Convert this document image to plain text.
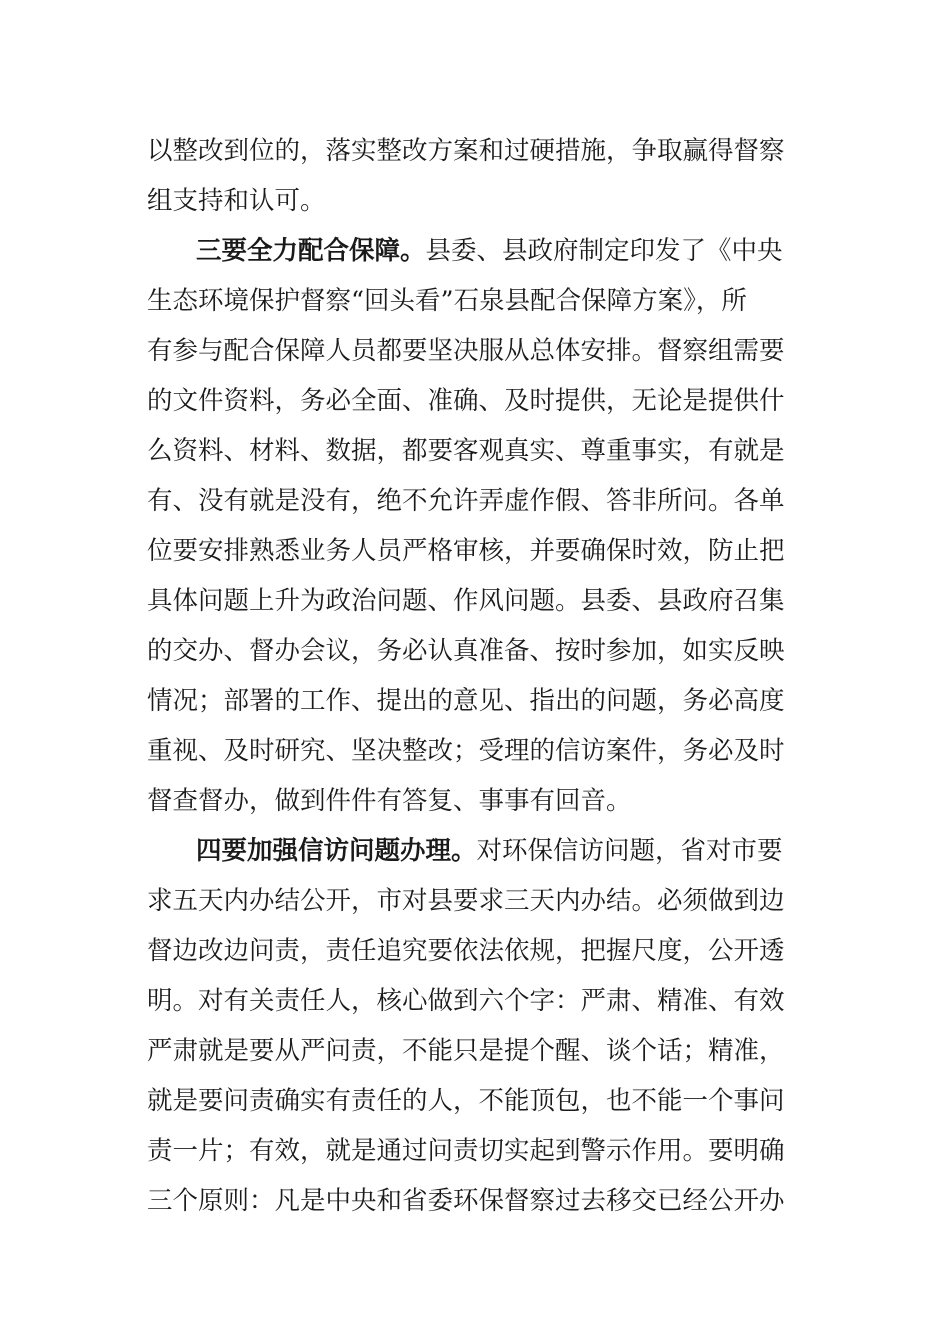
以整改到位的，落实整改方案和过硬措施，争取赢得督察
组支持和认可。
三要全力配合保障。县委、县政府制定印发了《中央
生态环境保护督察“回头看”石泉县配合保障方案》，所
有参与配合保障人员都要坚决服从总体安排。督察组需要
的文件资料，务必全面、准确、及时提供，无论是提供什
么资料、材料、数据，都要客观真实、尊重事实，有就是
有、没有就是没有，绝不允许弄虚作假、答非所问。各单
位要安排熟悉业务人员严格审核，并要确保时效，防止把
具体问题上升为政治问题、作风问题。县委、县政府召集
的交办、督办会议，务必认真准备、按时参加，如实反映
情况；部署的工作、提出的意见、指出的问题，务必高度
重视、及时研究、坚决整改；受理的信访案件，务必及时
督查督办，做到件件有答复、事事有回音。
四要加强信访问题办理。对环保信访问题，省对市要
求五天内办结公开，市对县要求三天内办结。必须做到边
督边改边问责，责任追究要依法依规，把握尺度，公开透
明。对有关责任人，核心做到六个字：严肃、精准、有效
严肃就是要从严问责，不能只是提个醒、谈个话；精准，
就是要问责确实有责任的人，不能顶包，也不能一个事问
责一片；有效，就是通过问责切实起到警示作用。要明确
三个原则：凡是中央和省委环保督察过去移交已经公开办
